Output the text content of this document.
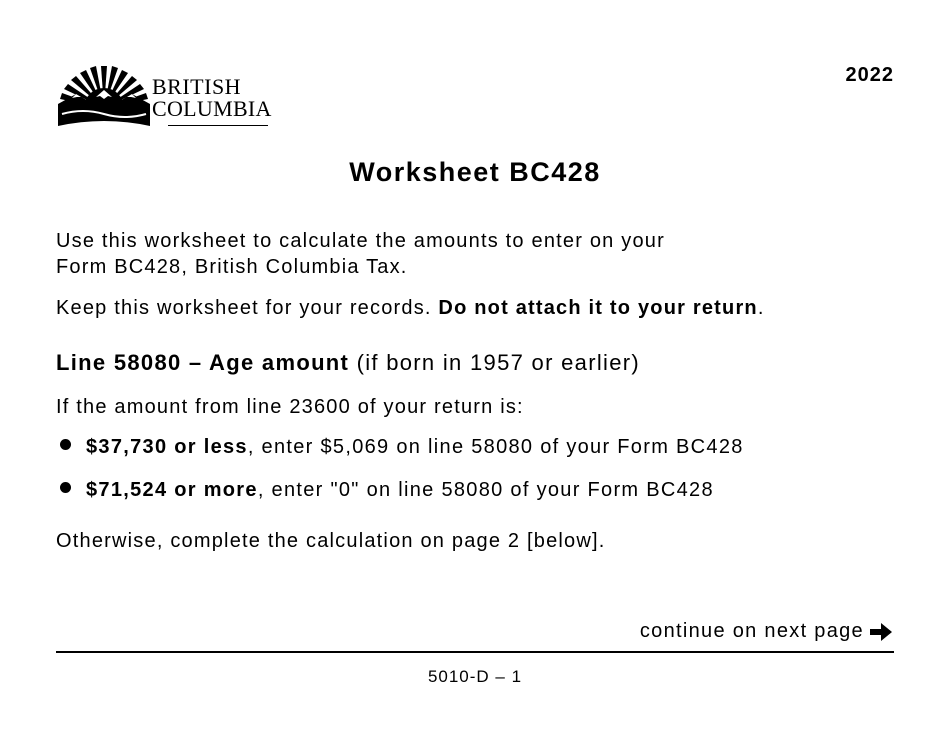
BRITISH
COLUMBIA
2022
Worksheet BC428
Use this worksheet to calculate the amounts to enter on your
Form BC428, British Columbia Tax.
Keep this worksheet for your records. Do not attach it to your return.
Line 58080 – Age amount (if born in 1957 or earlier)
If the amount from line 23600 of your return is:
$37,730 or less, enter $5,069 on line 58080 of your Form BC428
$71,524 or more, enter "0" on line 58080 of your Form BC428
Otherwise, complete the calculation on page 2 [below].
continue on next page
5010-D – 1
